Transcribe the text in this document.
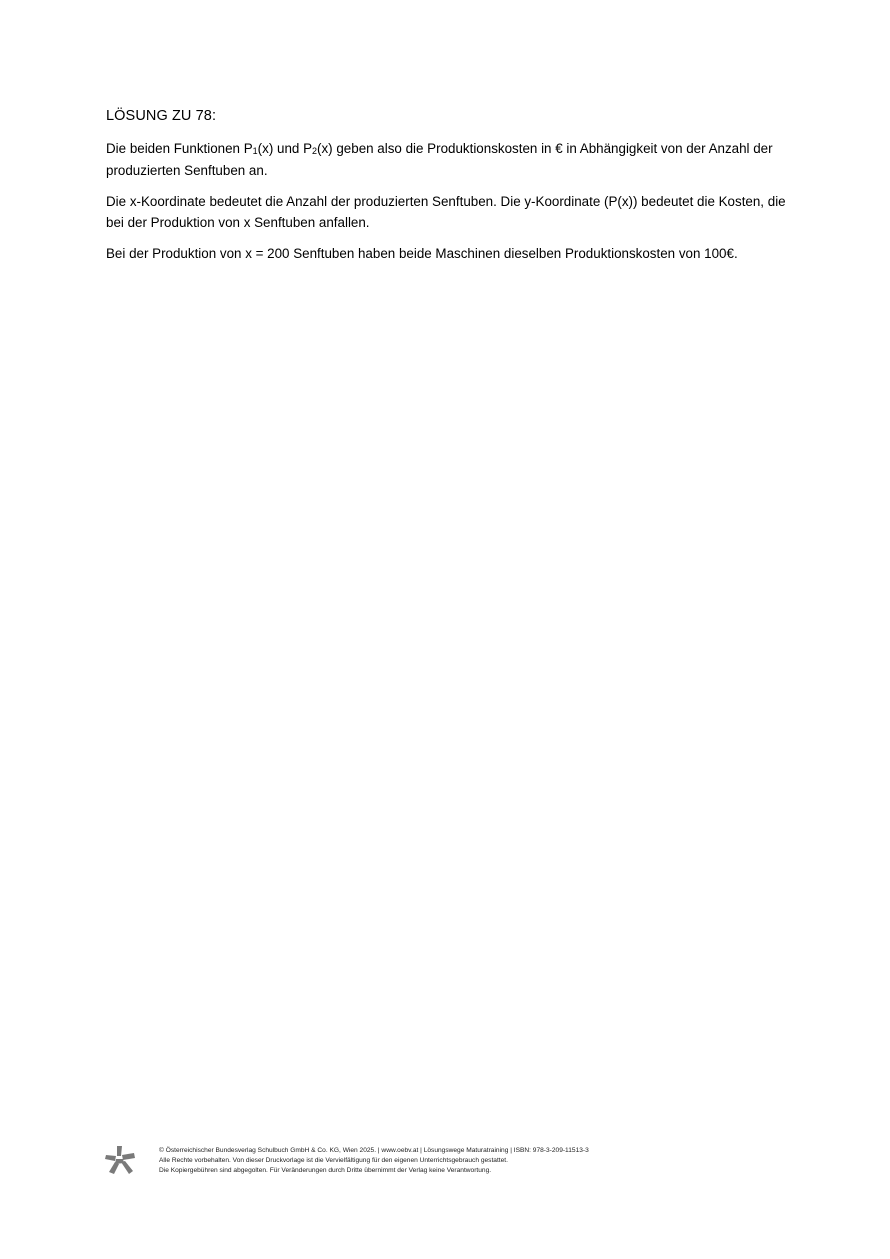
LÖSUNG ZU 78:

Die beiden Funktionen P1(x) und P2(x) geben also die Produktionskosten in € in Abhängigkeit von der Anzahl der produzierten Senftuben an.

Die x-Koordinate bedeutet die Anzahl der produzierten Senftuben. Die y-Koordinate (P(x)) bedeutet die Kosten, die bei der Produktion von x Senftuben anfallen.

Bei der Produktion von x = 200 Senftuben haben beide Maschinen dieselben Produktionskosten von 100€.

© Österreichischer Bundesverlag Schulbuch GmbH & Co. KG, Wien 2025. | www.oebv.at | Lösungswege Maturatraining | ISBN: 978-3-209-11513-3
Alle Rechte vorbehalten. Von dieser Druckvorlage ist die Vervielfältigung für den eigenen Unterrichtsgebrauch gestattet.
Die Kopiergebühren sind abgegolten. Für Veränderungen durch Dritte übernimmt der Verlag keine Verantwortung.
